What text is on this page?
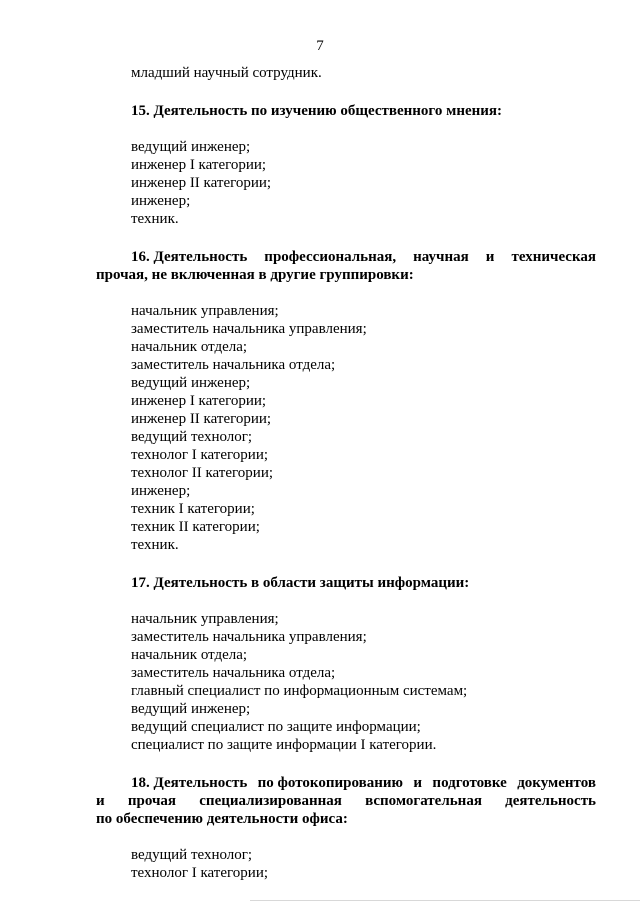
7
младший научный сотрудник.
15. Деятельность по изучению общественного мнения:
ведущий инженер;
инженер I категории;
инженер II категории;
инженер;
техник.
16. Деятельность профессиональная, научная и техническая
прочая, не включенная в другие группировки:
начальник управления;
заместитель начальника управления;
начальник отдела;
заместитель начальника отдела;
ведущий инженер;
инженер I категории;
инженер II категории;
ведущий технолог;
технолог I категории;
технолог II категории;
инженер;
техник I категории;
техник II категории;
техник.
17. Деятельность в области защиты информации:
начальник управления;
заместитель начальника управления;
начальник отдела;
заместитель начальника отдела;
главный специалист по информационным системам;
ведущий инженер;
ведущий специалист по защите информации;
специалист по защите информации I категории.
18. Деятельность по фотокопированию и подготовке документов
и прочая специализированная вспомогательная деятельность
по обеспечению деятельности офиса:
ведущий технолог;
технолог I категории;
